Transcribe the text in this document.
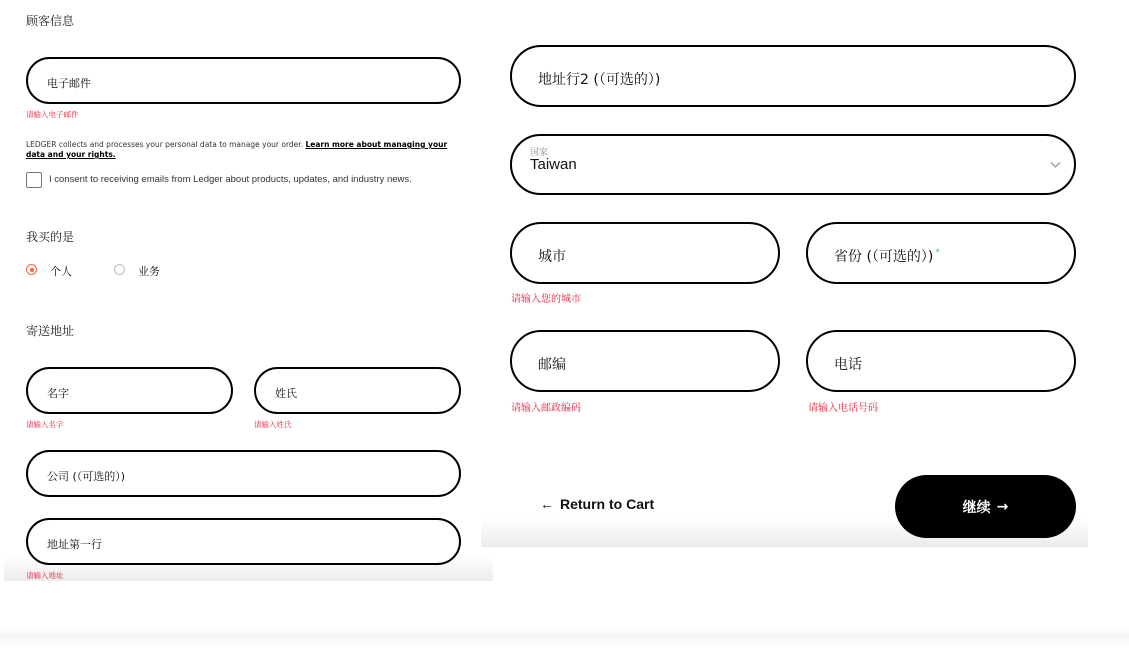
顾客信息
电子邮件
请输入电子邮件
LEDGER collects and processes your personal data to manage your order. Learn more about managing your data and your rights.
I consent to receiving emails from Ledger about products, updates, and industry news.
我买的是
个人	业务
寄送地址
名字
请输入名字
姓氏
请输入姓氏
公司 (（可选的）)
地址第一行
请输入地址
地址行2 (（可选的）)
国家
Taiwan
城市
请输入您的城市
省份 (（可选的）) *
邮编
请输入邮政编码
电话
请输入电话号码
← Return to Cart	继续 →
